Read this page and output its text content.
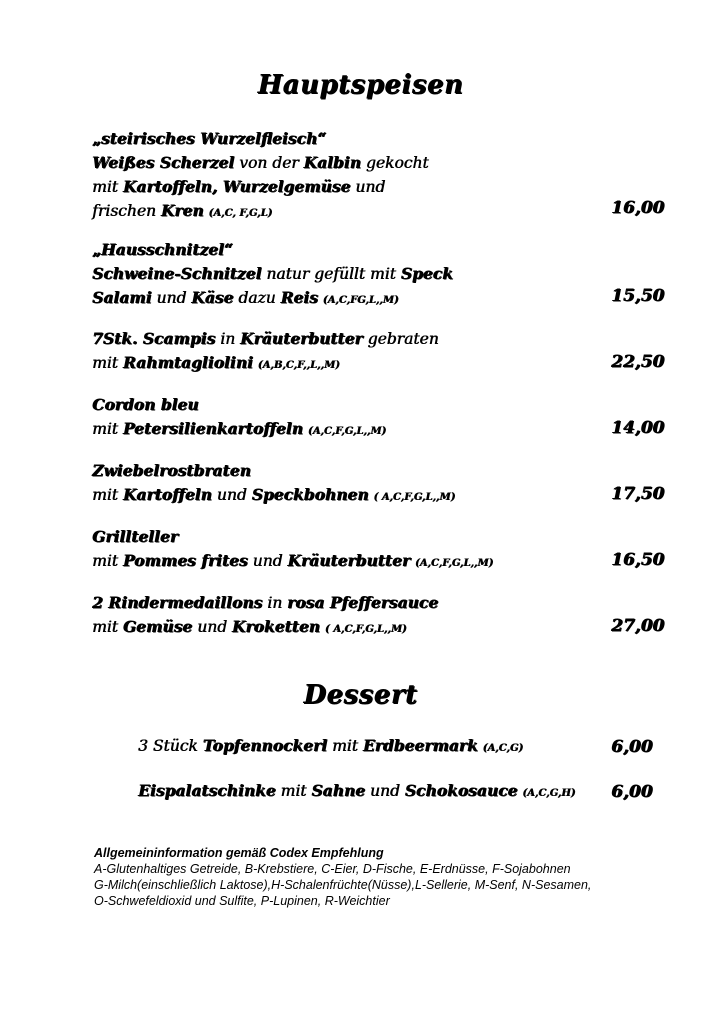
Hauptspeisen
„steirisches Wurzelfleisch“
Weißes Scherzel von der Kalbin gekocht
mit Kartoffeln, Wurzelgemüse und
frischen Kren (A,C, F,G,L)	16,00
„Hausschnitzel“
Schweine-Schnitzel natur gefüllt mit Speck
Salami und Käse dazu Reis (A,C,FG,L,,M)	15,50
7Stk. Scampis in Kräuterbutter gebraten
mit Rahmtagliolini (A,B,C,F,,L,,M)	22,50
Cordon bleu
mit Petersilienkartoffeln (A,C,F,G,L,,M)	14,00
Zwiebelrostbraten
mit Kartoffeln und Speckbohnen ( A,C,F,G,L,,M)	17,50
Grillteller
mit Pommes frites und Kräuterbutter (A,C,F,G,L,,M)	16,50
2 Rindermedaillons in rosa Pfeffersauce
mit Gemüse und Kroketten ( A,C,F,G,L,,M)	27,00
Dessert
3 Stück Topfennockerl mit Erdbeermark (A,C,G)	6,00
Eispalatschinke mit Sahne und Schokosauce (A,C,G,H) 6,00
Allgemeininformation gemäß Codex Empfehlung
A-Glutenhaltiges Getreide, B-Krebstiere, C-Eier, D-Fische, E-Erdnüsse, F-Sojabohnen
G-Milch(einschließlich Laktose),H-Schalenfrüchte(Nüsse),L-Sellerie, M-Senf, N-Sesamen,
O-Schwefeldioxid und Sulfite, P-Lupinen, R-Weichtier
